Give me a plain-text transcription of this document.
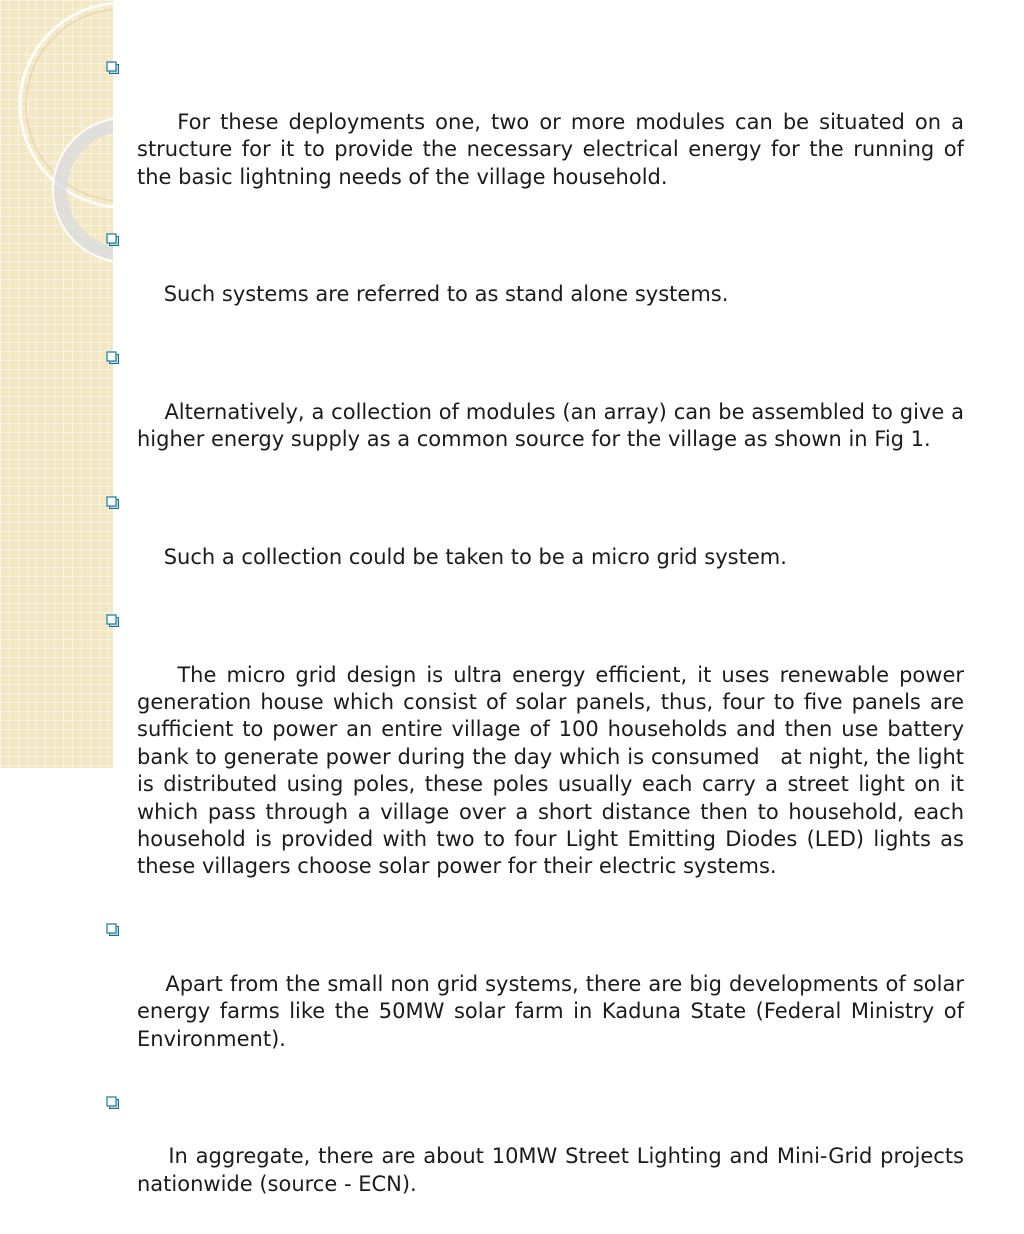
For these deployments one, two or more modules can be situated on a structure for it to provide the necessary electrical energy for the running of the basic lightning needs of the village household.

Such systems are referred to as stand alone systems.

Alternatively, a collection of modules (an array) can be assembled to give a higher energy supply as a common source for the village as shown in Fig 1.

Such a collection could be taken to be a micro grid system.

The micro grid design is ultra energy efficient, it uses renewable power generation house which consist of solar panels, thus, four to five panels are sufficient to power an entire village of 100 households and then use battery bank to generate power during the day which is consumed   at night, the light is distributed using poles, these poles usually each carry a street light on it which pass through a village over a short distance then to household, each household is provided with two to four Light Emitting Diodes (LED) lights as these villagers choose solar power for their electric systems.

Apart from the small non grid systems, there are big developments of solar energy farms like the 50MW solar farm in Kaduna State (Federal Ministry of Environment).

In aggregate, there are about 10MW Street Lighting and Mini-Grid projects nationwide (source - ECN).
